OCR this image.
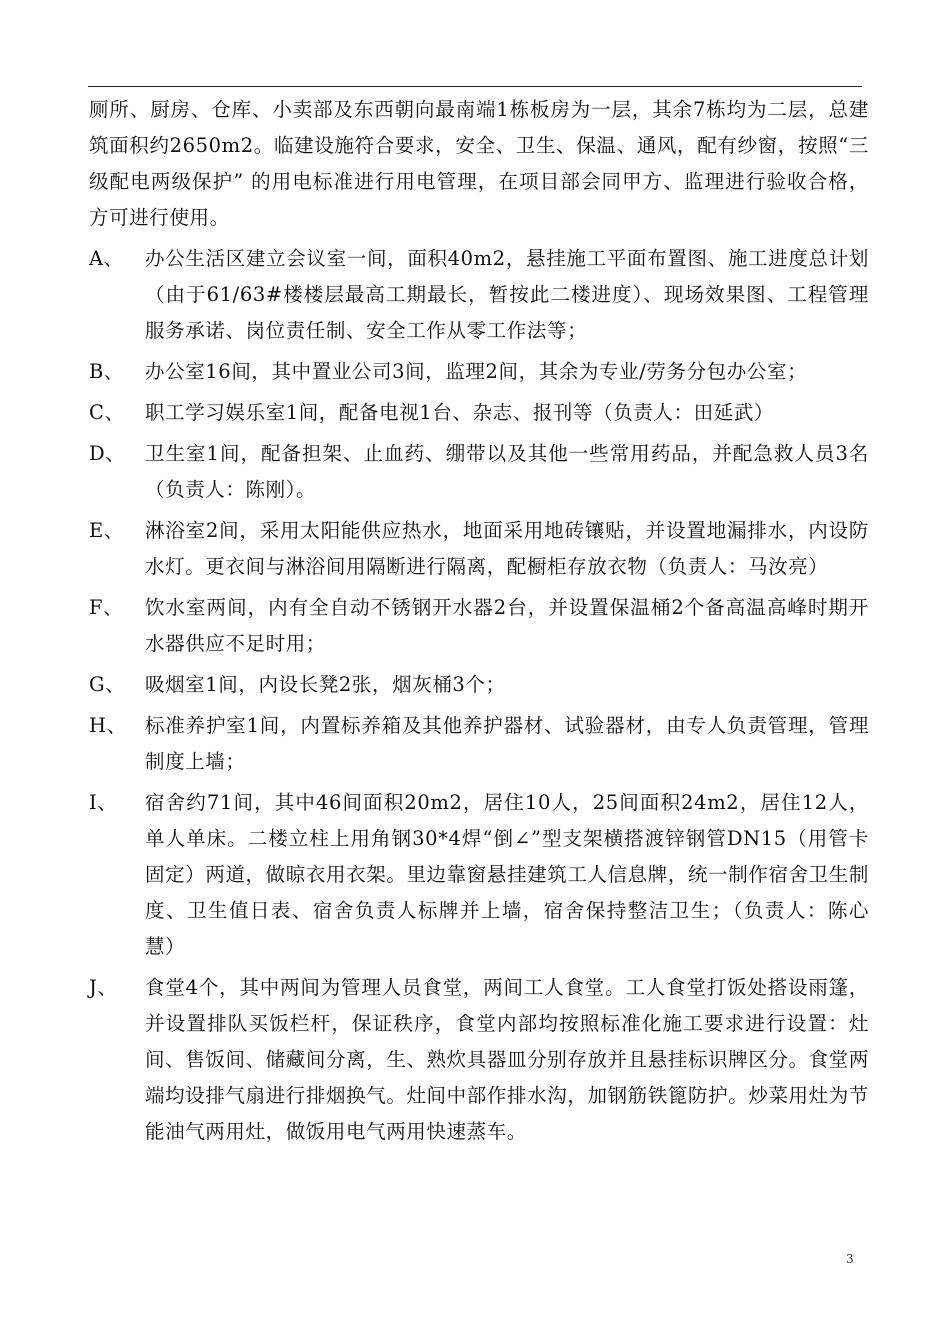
厕所、厨房、仓库、小卖部及东西朝向最南端1栋板房为一层，其余7栋均为二层，总建筑面积约2650m2。临建设施符合要求，安全、卫生、保温、通风，配有纱窗，按照“三级配电两级保护” 的用电标准进行用电管理，在项目部会同甲方、监理进行验收合格，方可进行使用。

A、	办公生活区建立会议室一间，面积40m2，悬挂施工平面布置图、施工进度总计划（由于61/63#楼楼层最高工期最长，暂按此二楼进度）、现场效果图、工程管理服务承诺、岗位责任制、安全工作从零工作法等；
B、	办公室16间，其中置业公司3间，监理2间，其余为专业/劳务分包办公室；
C、	职工学习娱乐室1间，配备电视1台、杂志、报刊等（负责人：田延武）
D、	卫生室1间，配备担架、止血药、绷带以及其他一些常用药品，并配急救人员3名（负责人：陈刚）。
E、	淋浴室2间，采用太阳能供应热水，地面采用地砖镶贴，并设置地漏排水，内设防水灯。更衣间与淋浴间用隔断进行隔离，配橱柜存放衣物（负责人：马汝亮）
F、	饮水室两间，内有全自动不锈钢开水器2台，并设置保温桶2个备高温高峰时期开水器供应不足时用；
G、	吸烟室1间，内设长凳2张，烟灰桶3个；
H、 标准养护室1间，内置标养箱及其他养护器材、试验器材，由专人负责管理，管理制度上墙；
I、	宿舍约71间，其中46间面积20m2，居住10人，25间面积24m2，居住12人，单人单床。二楼立柱上用角钢30*4焊“倒∠”型支架横搭渡锌钢管DN15（用管卡固定）两道，做晾衣用衣架。里边靠窗悬挂建筑工人信息牌，统一制作宿舍卫生制度、卫生值日表、宿舍负责人标牌并上墙，宿舍保持整洁卫生；（负责人：陈心慧）
J、	食堂4个，其中两间为管理人员食堂，两间工人食堂。工人食堂打饭处搭设雨篷，并设置排队买饭栏杆，保证秩序，食堂内部均按照标准化施工要求进行设置：灶间、售饭间、储藏间分离，生、熟炊具器皿分别存放并且悬挂标识牌区分。食堂两端均设排气扇进行排烟换气。灶间中部作排水沟，加钢筋铁篦防护。炒菜用灶为节能油气两用灶，做饭用电气两用快速蒸车。
3
